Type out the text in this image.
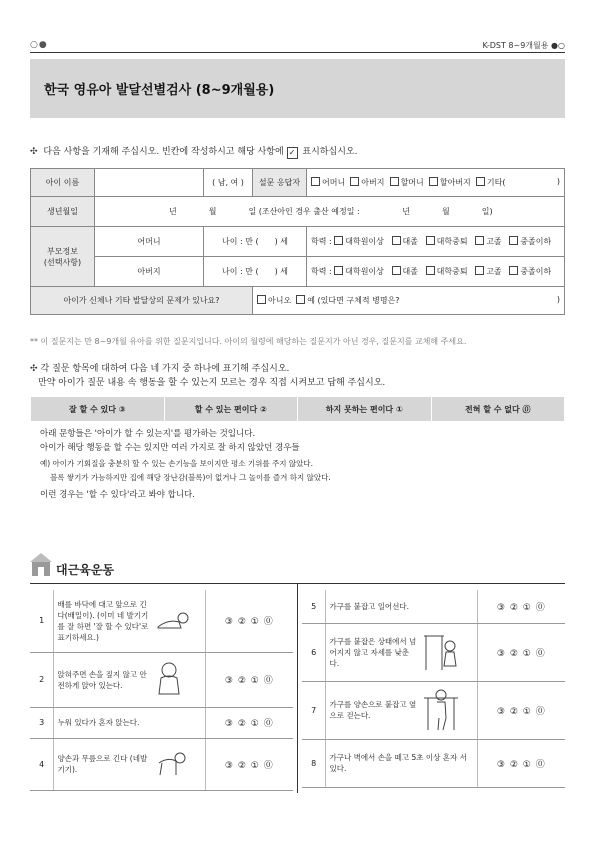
○●	K-DST 8~9개월용 ●○
한국 영유아 발달선별검사 (8~9개월용)
✣ 다음 사항을 기재해 주십시오. 빈칸에 작성하시고 해당 사항에 ✓ 표시하십시오.
아이 이름		( 남, 여 )	설문 응답자	어머니 아버지 할머니 할아버지 기타( )

생년월일	년　　　　월　　　　일 (조산아인 경우 출산 예정일 : 년　　　　월　　　　일)			
부모정보
(선택사항)	어머니	나이 : 만 (　　) 세		학력 : 대학원이상 대졸 대학중퇴 고졸 중졸이하
	아버지	나이 : 만 (　　) 세		학력 : 대학원이상 대졸 대학중퇴 고졸 중졸이하
아이가 신체나 기타 발달상의 문제가 있나요?			아니오 예 (있다면 구체적 병명은? )	
** 이 질문지는 만 8~9개월 유아를 위한 질문지입니다. 아이의 월령에 해당하는 질문지가 아닌 경우, 질문지를 교체해 주세요.
✣ 각 질문 항목에 대하여 다음 네 가지 중 하나에 표기해 주십시오.
만약 아이가 질문 내용 속 행동을 할 수 있는지 모르는 경우 직접 시켜보고 답해 주십시오.
잘 할 수 있다 ③	할 수 있는 편이다 ②	하지 못하는 편이다 ①	전혀 할 수 없다 ⓪
아래 문항들은 '아이가 할 수 있는지'를 평가하는 것입니다.
아이가 해당 행동을 할 수는 있지만 여러 가지로 잘 하지 않았던 경우들
예) 아이가 기회질을 충분히 할 수 있는 손기능을 보이지만 평소 기위를 주지 않았다.
블록 쌓기가 가능하지만 집에 해당 장난감(블록)이 없거나 그 놀이를 즐겨 하지 않았다.
이런 경우는 '할 수 있다'라고 봐야 합니다.
대근육운동
1	배를 바닥에 대고 앞으로 긴다(배밀이). (이미 네 발기기를 잘 하면 '잘 할 수 있다'로 표기하세요.)	③ ② ① ⓪
2	앉혀주면 손을 짚지 않고 안전하게 앉아 있는다.	③ ② ① ⓪
3	누워 있다가 혼자 앉는다.	③ ② ① ⓪
4	양손과 무릎으로 긴다 (네발기기).	③ ② ① ⓪
5	가구를 붙잡고 일어선다.	③ ② ① ⓪
6	가구를 붙잡은 상태에서 넘어지지 않고 자세를 낮춘다.	③ ② ① ⓪
7	가구를 양손으로 붙잡고 옆으로 걷는다.	③ ② ① ⓪
8	가구나 벽에서 손을 떼고 5초 이상 혼자 서 있다.	③ ② ① ⓪
